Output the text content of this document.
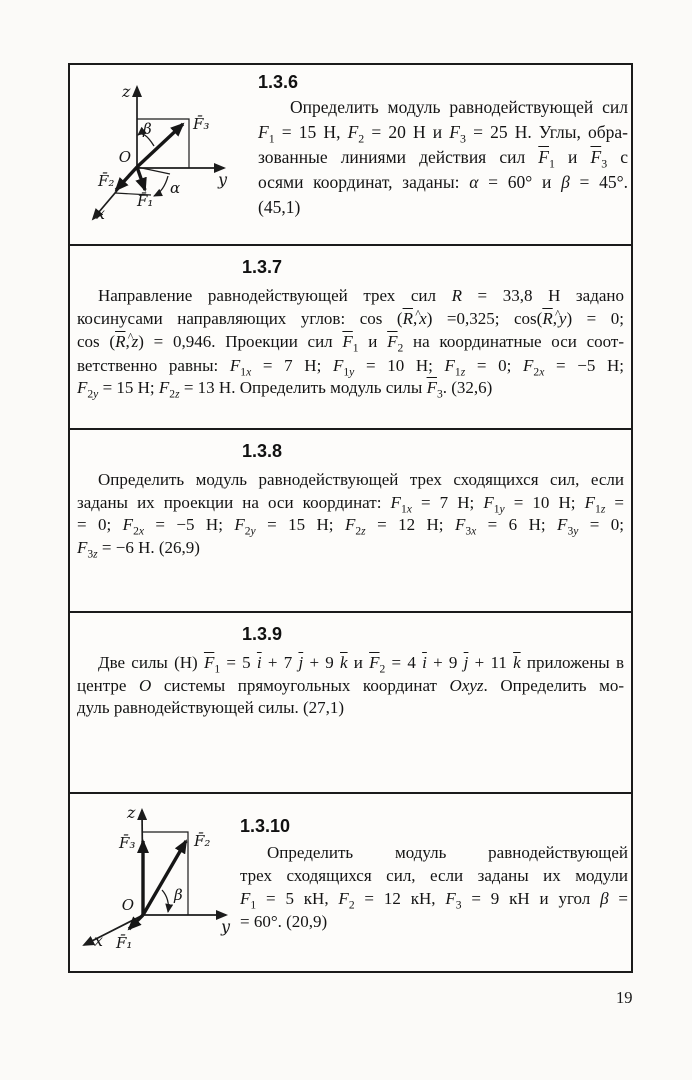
z
y
x
O
F̄₃
F̄₂
F̄₁
β
α
1.3.6
Определить модуль равнодействующей сил
$F_1 = 15$ Н, $F_2 = 20$ Н и $F_3 = 25$ Н. Углы, обра-
зованные линиями действия сил $\overline{F}_1$ и $\overline{F}_3$ с
осями координат, заданы: α = 60° и β = 45°.
(45,1)
1.3.7
Направление равнодействующей трех сил R = 33,8 Н задано
косинусами направляющих углов: $\cos (\overline{R},\^{}x) =0,325$; $\cos(\overline{R},\^{}y) = 0$;
$\cos (\overline{R},\^{}z) = 0,946$. Проекции сил $\overline{F}_1$ и $\overline{F}_2$ на координатные оси соот-
ветственно равны: $F_{1x} = 7$ Н; $F_{1y} = 10$ Н; $F_{1z} = 0$; $F_{2x} = -5$ Н;
$F_{2y} = 15$ Н; $F_{2z} = 13$ Н. Определить модуль силы $\overline{F}_3$. (32,6)
1.3.8
Определить модуль равнодействующей трех сходящихся сил, если
заданы их проекции на оси координат: $F_{1x} = 7$ Н; $F_{1y} = 10$ Н; $F_{1z}$ =
= 0; $F_{2x} = -5$ Н; $F_{2y} = 15$ Н; $F_{2z} = 12$ Н; $F_{3x} = 6$ Н; $F_{3y} = 0$;
$F_{3z} = -6$ Н. (26,9)
1.3.9
Две силы (Н) $\overline{F}_1 = 5$ $\overline{i} + 7$ $\overline{j} + 9$ $\overline{k}$ и $\overline{F}_2 = 4$ $\overline{i} + 9$ $\overline{j} + 11$ $\overline{k}$ приложены в
центре O системы прямоугольных координат Oxyz. Определить мо-
дуль равнодействующей силы. (27,1)
z
y
x
O
F̄₃	F̄₂
F̄₁
β
1.3.10
Определить модуль равнодействующей
трех сходящихся сил, если заданы их модули
$F_1 = 5$ кН, $F_2 = 12$ кН, $F_3 = 9$ кН и угол β =
= 60°. (20,9)
19
